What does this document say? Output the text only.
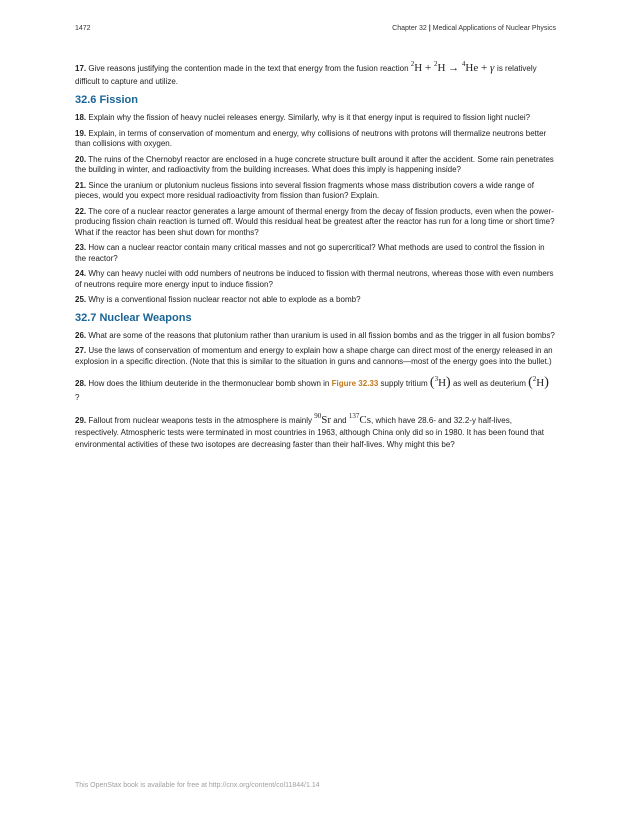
1472	Chapter 32 | Medical Applications of Nuclear Physics

17. Give reasons justifying the contention made in the text that energy from the fusion reaction $^2$H + $^2$H → $^4$He + γ is relatively difficult to capture and utilize.

32.6 Fission

18. Explain why the fission of heavy nuclei releases energy. Similarly, why is it that energy input is required to fission light nuclei?

19. Explain, in terms of conservation of momentum and energy, why collisions of neutrons with protons will thermalize neutrons better than collisions with oxygen.

20. The ruins of the Chernobyl reactor are enclosed in a huge concrete structure built around it after the accident. Some rain penetrates the building in winter, and radioactivity from the building increases. What does this imply is happening inside?

21. Since the uranium or plutonium nucleus fissions into several fission fragments whose mass distribution covers a wide range of pieces, would you expect more residual radioactivity from fission than fusion? Explain.

22. The core of a nuclear reactor generates a large amount of thermal energy from the decay of fission products, even when the power-producing fission chain reaction is turned off. Would this residual heat be greatest after the reactor has run for a long time or short time? What if the reactor has been shut down for months?

23. How can a nuclear reactor contain many critical masses and not go supercritical? What methods are used to control the fission in the reactor?

24. Why can heavy nuclei with odd numbers of neutrons be induced to fission with thermal neutrons, whereas those with even numbers of neutrons require more energy input to induce fission?

25. Why is a conventional fission nuclear reactor not able to explode as a bomb?

32.7 Nuclear Weapons

26. What are some of the reasons that plutonium rather than uranium is used in all fission bombs and as the trigger in all fusion bombs?

27. Use the laws of conservation of momentum and energy to explain how a shape charge can direct most of the energy released in an explosion in a specific direction. (Note that this is similar to the situation in guns and cannons—most of the energy goes into the bullet.)

28. How does the lithium deuteride in the thermonuclear bomb shown in Figure 32.33 supply tritium ($^3$H) as well as deuterium ($^2$H) ?

29. Fallout from nuclear weapons tests in the atmosphere is mainly $^{90}$Sr and $^{137}$Cs, which have 28.6- and 32.2-y half-lives, respectively. Atmospheric tests were terminated in most countries in 1963, although China only did so in 1980. It has been found that environmental activities of these two isotopes are decreasing faster than their half-lives. Why might this be?

This OpenStax book is available for free at http://cnx.org/content/col11844/1.14
